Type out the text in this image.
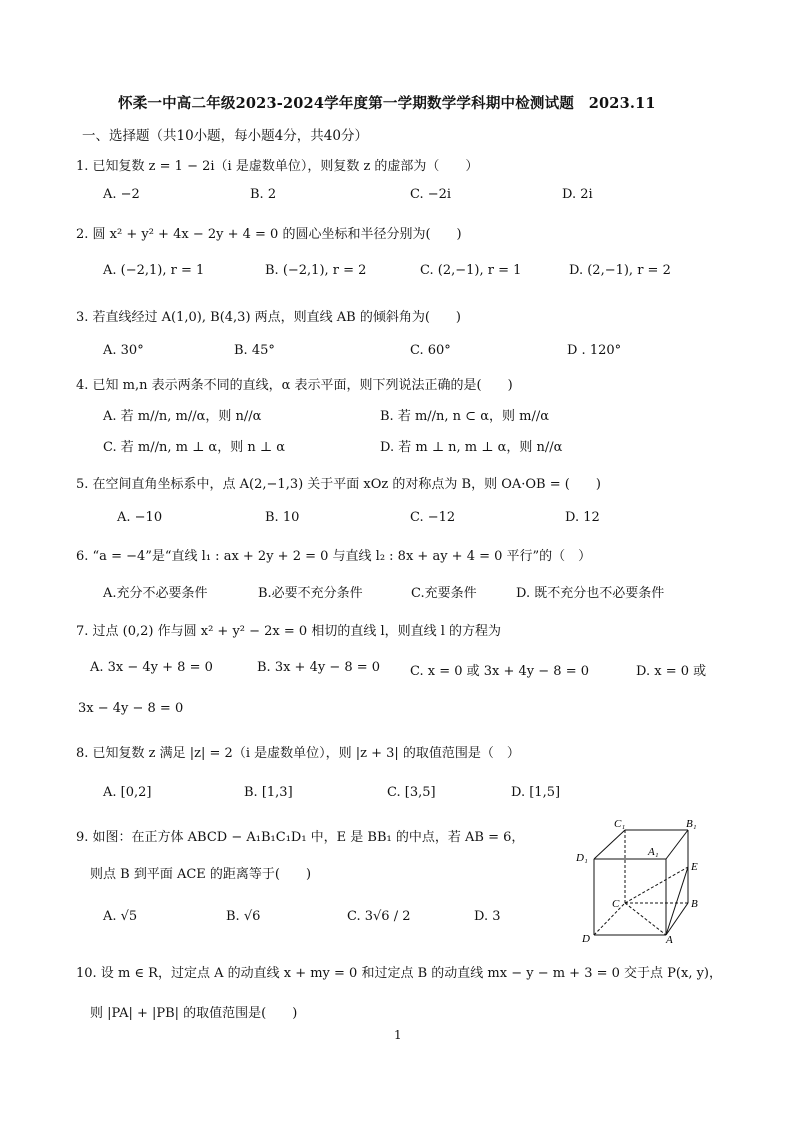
怀柔一中高二年级2023-2024学年度第一学期数学学科期中检测试题　2023.11
一、选择题（共10小题，每小题4分，共40分）
1. 已知复数 z = 1 − 2i（i 是虚数单位），则复数 z 的虚部为（　　）
A. −2	B. 2	C. −2i	D. 2i
2. 圆 x² + y² + 4x − 2y + 4 = 0 的圆心坐标和半径分别为(　　)
A. (−2,1), r = 1	B. (−2,1), r = 2	C. (2,−1), r = 1	D. (2,−1), r = 2
3. 若直线经过 A(1,0), B(4,3) 两点，则直线 AB 的倾斜角为(　　)
A. 30°	B. 45°	C. 60°	D . 120°
4. 已知 m,n 表示两条不同的直线，α 表示平面，则下列说法正确的是(　　)
A. 若 m//n, m//α，则 n//α	B. 若 m//n, n ⊂ α，则 m//α
C. 若 m//n, m ⊥ α，则 n ⊥ α	D. 若 m ⊥ n, m ⊥ α，则 n//α
5. 在空间直角坐标系中，点 A(2,−1,3) 关于平面 xOz 的对称点为 B，则 OA·OB = (　　)
A. −10	B. 10	C. −12	D. 12
6. “a = −4”是“直线 l₁ : ax + 2y + 2 = 0 与直线 l₂ : 8x + ay + 4 = 0 平行”的（　）
A.充分不必要条件	B.必要不充分条件	C.充要条件	D. 既不充分也不必要条件
7. 过点 (0,2) 作与圆 x² + y² − 2x = 0 相切的直线 l，则直线 l 的方程为
A. 3x − 4y + 8 = 0	B. 3x + 4y − 8 = 0 C. x = 0 或 3x + 4y − 8 = 0	D. x = 0 或
3x − 4y − 8 = 0
8. 已知复数 z 满足 |z| = 2（i 是虚数单位），则 |z + 3| 的取值范围是（　）
A. [0,2]	B. [1,3]	C. [3,5]	D. [1,5]
9. 如图：在正方体 ABCD − A₁B₁C₁D₁ 中，E 是 BB₁ 的中点，若 AB = 6，
则点 B 到平面 ACE 的距离等于(　　)
A. √5	B. √6	C. 3√6 / 2	D. 3
C₁	B₁
D₁	A₁
E
C	B
D	A
10. 设 m ∈ R，过定点 A 的动直线 x + my = 0 和过定点 B 的动直线 mx − y − m + 3 = 0 交于点 P(x, y)，
则 |PA| + |PB| 的取值范围是(　　)
1
